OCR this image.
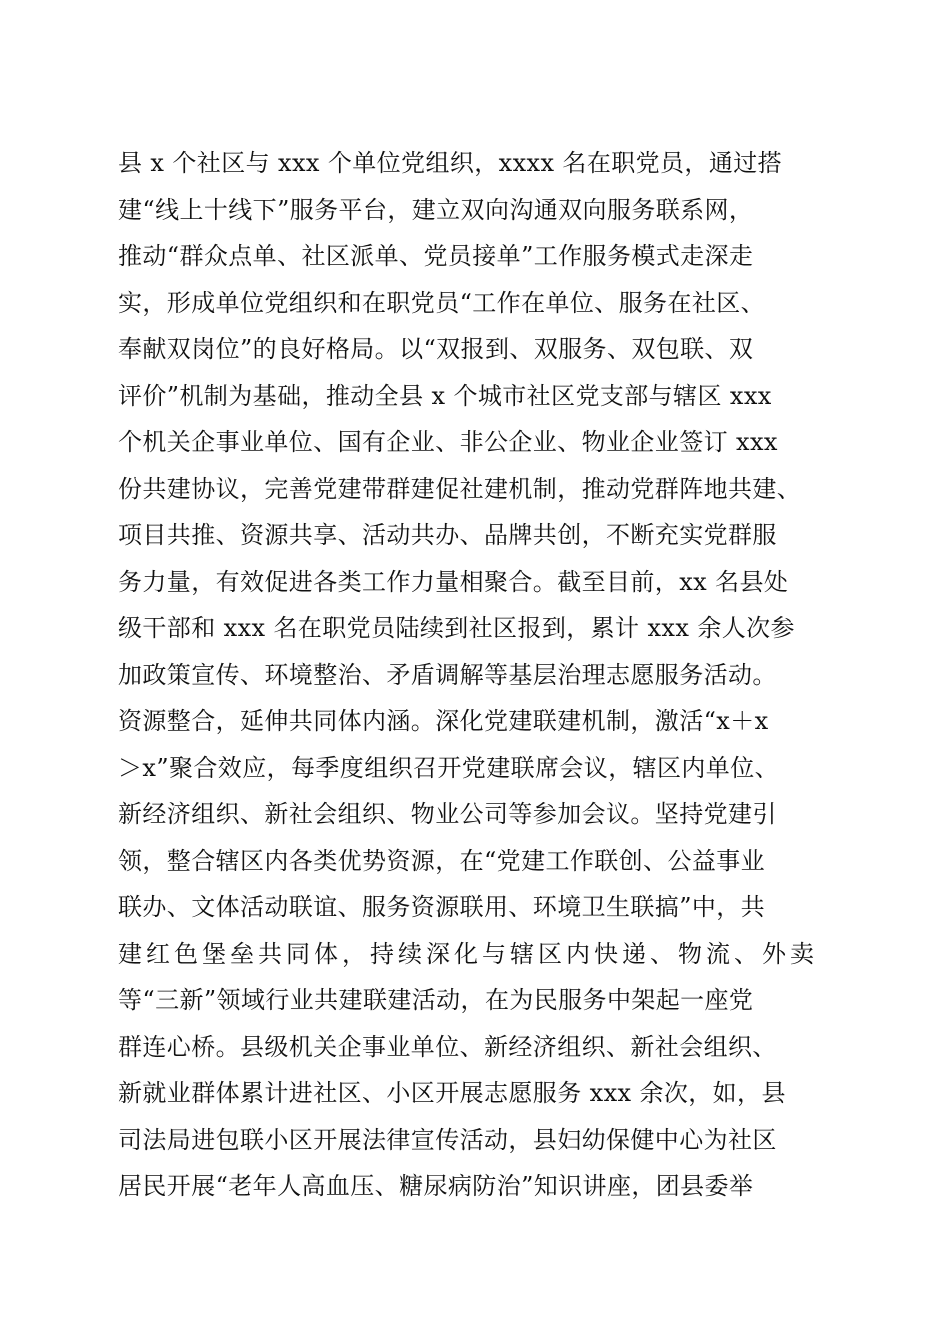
县 x 个社区与 xxx 个单位党组织，xxxx 名在职党员，通过搭
建“线上十线下”服务平台，建立双向沟通双向服务联系网，
推动“群众点单、社区派单、党员接单”工作服务模式走深走
实，形成单位党组织和在职党员“工作在单位、服务在社区、
奉献双岗位”的良好格局。以“双报到、双服务、双包联、双
评价”机制为基础，推动全县 x 个城市社区党支部与辖区 xxx
个机关企事业单位、国有企业、非公企业、物业企业签订 xxx
份共建协议，完善党建带群建促社建机制，推动党群阵地共建、
项目共推、资源共享、活动共办、品牌共创，不断充实党群服
务力量，有效促进各类工作力量相聚合。截至目前，xx 名县处
级干部和 xxx 名在职党员陆续到社区报到，累计 xxx 余人次参
加政策宣传、环境整治、矛盾调解等基层治理志愿服务活动。
资源整合，延伸共同体内涵。深化党建联建机制，激活“x＋x
＞x”聚合效应，每季度组织召开党建联席会议，辖区内单位、
新经济组织、新社会组织、物业公司等参加会议。坚持党建引
领，整合辖区内各类优势资源，在“党建工作联创、公益事业
联办、文体活动联谊、服务资源联用、环境卫生联搞”中，共
建红色堡垒共同体，持续深化与辖区内快递、物流、外卖
等“三新”领域行业共建联建活动，在为民服务中架起一座党
群连心桥。县级机关企事业单位、新经济组织、新社会组织、
新就业群体累计进社区、小区开展志愿服务 xxx 余次，如，县
司法局进包联小区开展法律宣传活动，县妇幼保健中心为社区
居民开展“老年人高血压、糖尿病防治”知识讲座，团县委举
